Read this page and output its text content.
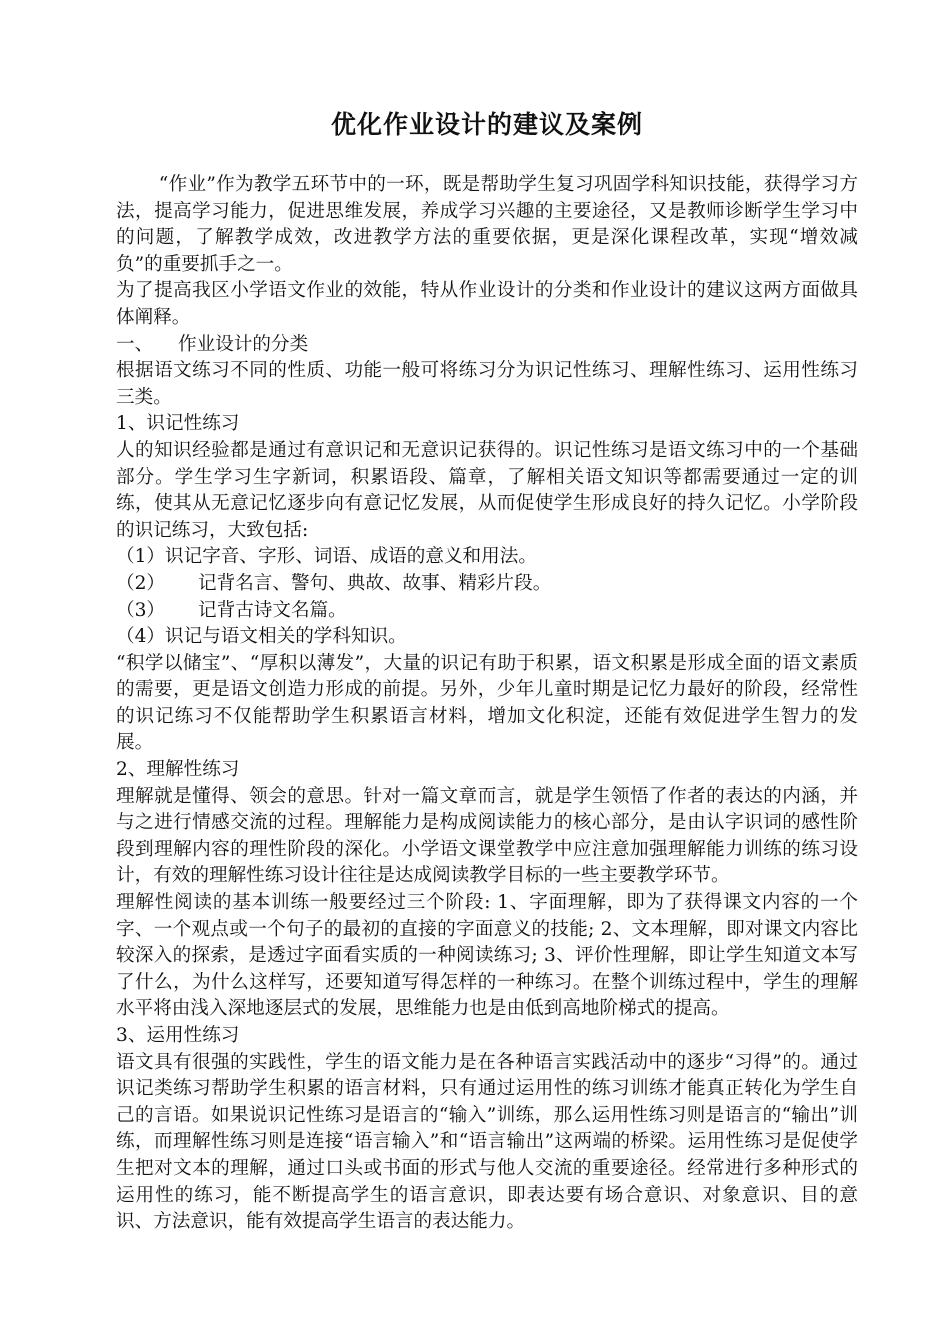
优化作业设计的建议及案例

“作业”作为教学五环节中的一环，既是帮助学生复习巩固学科知识技能，获得学习方法，提高学习能力，促进思维发展，养成学习兴趣的主要途径，又是教师诊断学生学习中的问题，了解教学成效，改进教学方法的重要依据，更是深化课程改革，实现“增效减负”的重要抓手之一。

为了提高我区小学语文作业的效能，特从作业设计的分类和作业设计的建议这两方面做具体阐释。

一、 作业设计的分类

根据语文练习不同的性质、功能一般可将练习分为识记性练习、理解性练习、运用性练习三类。

1、识记性练习

人的知识经验都是通过有意识记和无意识记获得的。识记性练习是语文练习中的一个基础部分。学生学习生字新词，积累语段、篇章，了解相关语文知识等都需要通过一定的训练，使其从无意记忆逐步向有意记忆发展，从而促使学生形成良好的持久记忆。小学阶段的识记练习，大致包括:

（1）识记字音、字形、词语、成语的意义和用法。
（2） 记背名言、警句、典故、故事、精彩片段。
（3） 记背古诗文名篇。
（4）识记与语文相关的学科知识。

“积学以储宝”、“厚积以薄发”，大量的识记有助于积累，语文积累是形成全面的语文素质的需要，更是语文创造力形成的前提。另外，少年儿童时期是记忆力最好的阶段，经常性的识记练习不仅能帮助学生积累语言材料，增加文化积淀，还能有效促进学生智力的发展。

2、理解性练习

理解就是懂得、领会的意思。针对一篇文章而言，就是学生领悟了作者的表达的内涵，并与之进行情感交流的过程。理解能力是构成阅读能力的核心部分，是由认字识词的感性阶段到理解内容的理性阶段的深化。小学语文课堂教学中应注意加强理解能力训练的练习设计，有效的理解性练习设计往往是达成阅读教学目标的一些主要教学环节。

理解性阅读的基本训练一般要经过三个阶段: 1、字面理解，即为了获得课文内容的一个字、一个观点或一个句子的最初的直接的字面意义的技能; 2、文本理解，即对课文内容比较深入的探索，是透过字面看实质的一种阅读练习; 3、评价性理解，即让学生知道文本写了什么，为什么这样写，还要知道写得怎样的一种练习。在整个训练过程中，学生的理解水平将由浅入深地逐层式的发展，思维能力也是由低到高地阶梯式的提高。

3、运用性练习

语文具有很强的实践性，学生的语文能力是在各种语言实践活动中的逐步“习得”的。通过识记类练习帮助学生积累的语言材料，只有通过运用性的练习训练才能真正转化为学生自己的言语。如果说识记性练习是语言的“输入”训练，那么运用性练习则是语言的“输出”训练，而理解性练习则是连接“语言输入”和“语言输出”这两端的桥梁。运用性练习是促使学生把对文本的理解，通过口头或书面的形式与他人交流的重要途径。经常进行多种形式的运用性的练习，能不断提高学生的语言意识，即表达要有场合意识、对象意识、目的意识、方法意识，能有效提高学生语言的表达能力。
